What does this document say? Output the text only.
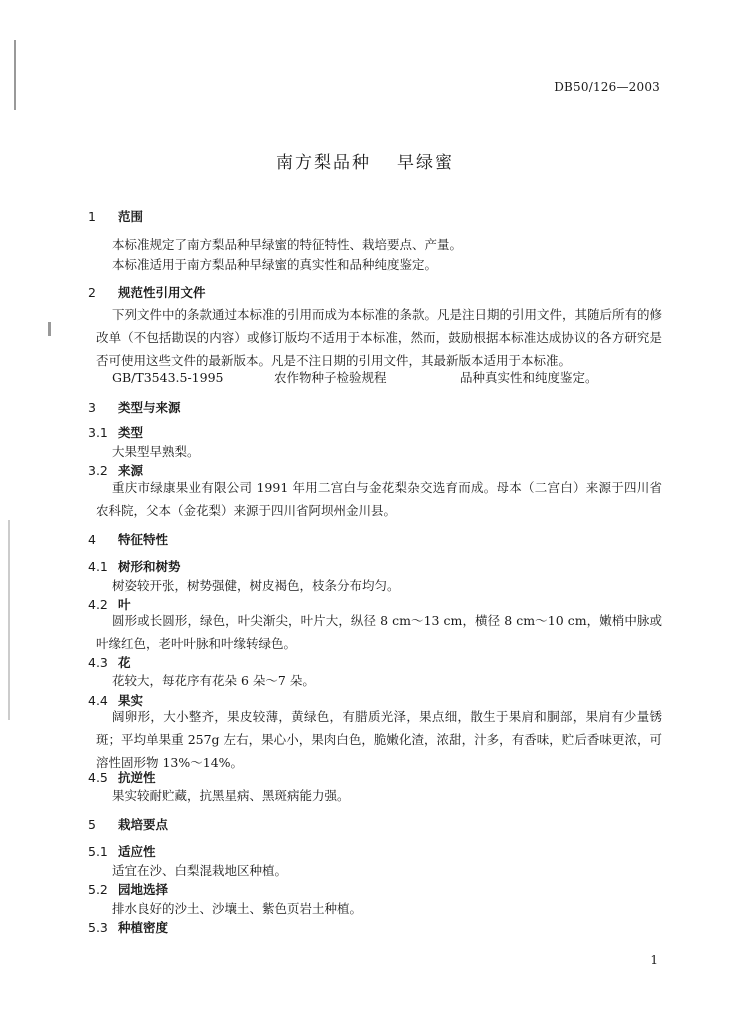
DB50/126—2003
南方梨品种 早绿蜜
1 范围
本标准规定了南方梨品种早绿蜜的特征特性、栽培要点、产量。
本标准适用于南方梨品种早绿蜜的真实性和品种纯度鉴定。
2 规范性引用文件
下列文件中的条款通过本标准的引用而成为本标准的条款。凡是注日期的引用文件，其随后所有的修改单（不包括勘误的内容）或修订版均不适用于本标准，然而，鼓励根据本标准达成协议的各方研究是否可使用这些文件的最新版本。凡是不注日期的引用文件，其最新版本适用于本标准。
GB/T3543.5-1995	农作物种子检验规程	品种真实性和纯度鉴定。
3 类型与来源
3.1 类型
大果型早熟梨。
3.2 来源
重庆市绿康果业有限公司 1991 年用二宫白与金花梨杂交选育而成。母本（二宫白）来源于四川省农科院，父本（金花梨）来源于四川省阿坝州金川县。
4 特征特性
4.1 树形和树势
树姿较开张，树势强健，树皮褐色，枝条分布均匀。
4.2 叶
圆形或长圆形，绿色，叶尖渐尖，叶片大，纵径 8 cm～13 cm，横径 8 cm～10 cm，嫩梢中脉或叶缘红色，老叶叶脉和叶缘转绿色。
4.3 花
花较大，每花序有花朵 6 朵～7 朵。
4.4 果实
阔卵形，大小整齐，果皮较薄，黄绿色，有腊质光泽，果点细，散生于果肩和胴部，果肩有少量锈斑；平均单果重 257g 左右，果心小，果肉白色，脆嫩化渣，浓甜，汁多，有香味，贮后香味更浓，可溶性固形物 13%～14%。
4.5 抗逆性
果实较耐贮藏，抗黑星病、黑斑病能力强。
5 栽培要点
5.1 适应性
适宜在沙、白梨混栽地区种植。
5.2 园地选择
排水良好的沙土、沙壤土、紫色页岩土种植。
5.3 种植密度
1
